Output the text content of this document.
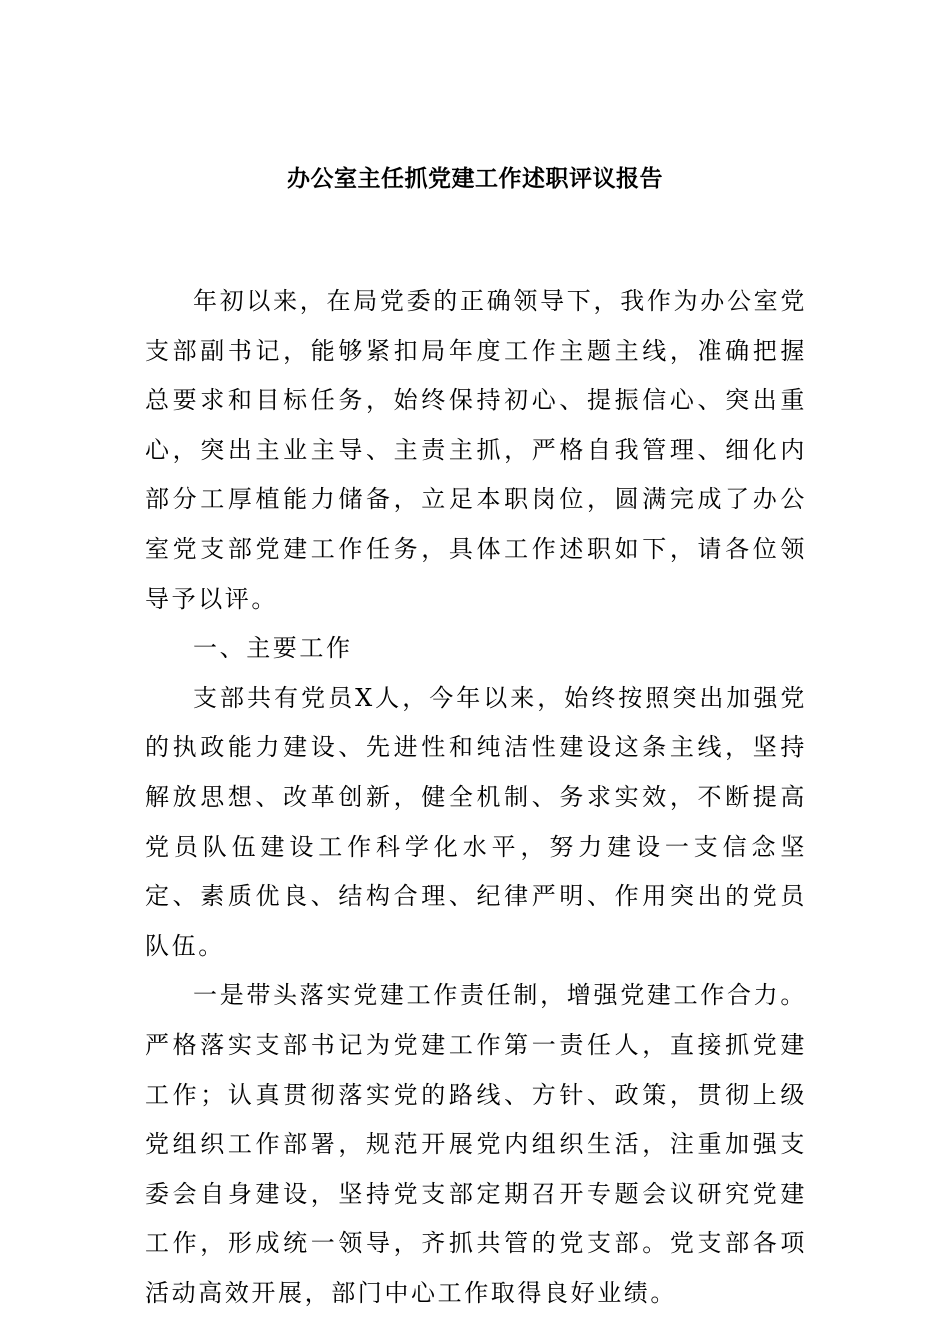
办公室主任抓党建工作述职评议报告

年初以来，在局党委的正确领导下，我作为办公室党支部副书记，能够紧扣局年度工作主题主线，准确把握总要求和目标任务，始终保持初心、提振信心、突出重心，突出主业主导、主责主抓，严格自我管理、细化内部分工厚植能力储备，立足本职岗位，圆满完成了办公室党支部党建工作任务，具体工作述职如下，请各位领导予以评。

一、主要工作

支部共有党员X人，今年以来，始终按照突出加强党的执政能力建设、先进性和纯洁性建设这条主线，坚持解放思想、改革创新，健全机制、务求实效，不断提高党员队伍建设工作科学化水平，努力建设一支信念坚定、素质优良、结构合理、纪律严明、作用突出的党员队伍。

一是带头落实党建工作责任制，增强党建工作合力。严格落实支部书记为党建工作第一责任人，直接抓党建工作；认真贯彻落实党的路线、方针、政策，贯彻上级党组织工作部署，规范开展党内组织生活，注重加强支委会自身建设，坚持党支部定期召开专题会议研究党建工作，形成统一领导，齐抓共管的党支部。党支部各项活动高效开展，部门中心工作取得良好业绩。
